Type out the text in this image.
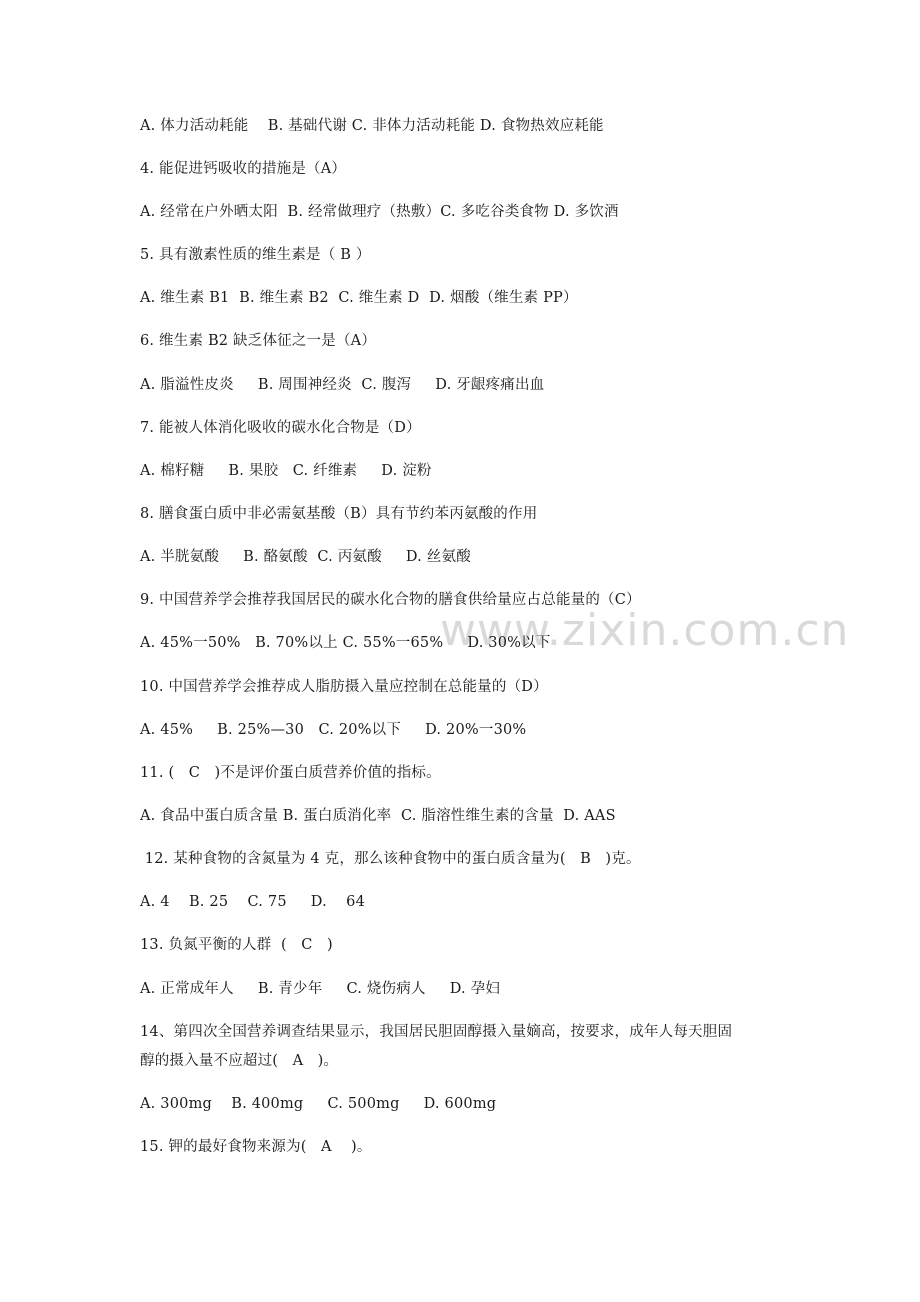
www.zixin.com.cn
A. 体力活动耗能    B. 基础代谢 C. 非体力活动耗能 D. 食物热效应耗能
4. 能促进钙吸收的措施是（A）
A. 经常在户外晒太阳  B. 经常做理疗（热敷）C. 多吃谷类食物 D. 多饮酒
5. 具有激素性质的维生素是（ B ）
A. 维生素 B1  B. 维生素 B2  C. 维生素 D  D. 烟酸（维生素 PP）
6. 维生素 B2 缺乏体征之一是（A）
A. 脂溢性皮炎     B. 周围神经炎  C. 腹泻     D. 牙龈疼痛出血
7. 能被人体消化吸收的碳水化合物是（D）
A. 棉籽糖     B. 果胶   C. 纤维素     D. 淀粉
8. 膳食蛋白质中非必需氨基酸（B）具有节约苯丙氨酸的作用
A. 半胱氨酸     B. 酪氨酸  C. 丙氨酸     D. 丝氨酸
9. 中国营养学会推荐我国居民的碳水化合物的膳食供给量应占总能量的（C）
A. 45%一50%   B. 70%以上 C. 55%一65%     D. 30%以下
10. 中国营养学会推荐成人脂肪摄入量应控制在总能量的（D）
A. 45%     B. 25%—30   C. 20%以下     D. 20%一30%
11. (   C   )不是评价蛋白质营养价值的指标。
A. 食品中蛋白质含量 B. 蛋白质消化率  C. 脂溶性维生素的含量  D. AAS
12. 某种食物的含氮量为 4 克，那么该种食物中的蛋白质含量为(   B   )克。
A. 4    B. 25    C. 75     D.    64
13. 负氮平衡的人群  (   C   )
A. 正常成年人     B. 青少年     C. 烧伤病人     D. 孕妇
14、第四次全国营养调查结果显示，我国居民胆固醇摄入量嫡高，按要求，成年人每天胆固
醇的摄入量不应超过(   A   )。
A. 300mg    B. 400mg     C. 500mg     D. 600mg
15. 钾的最好食物来源为(   A    )。
